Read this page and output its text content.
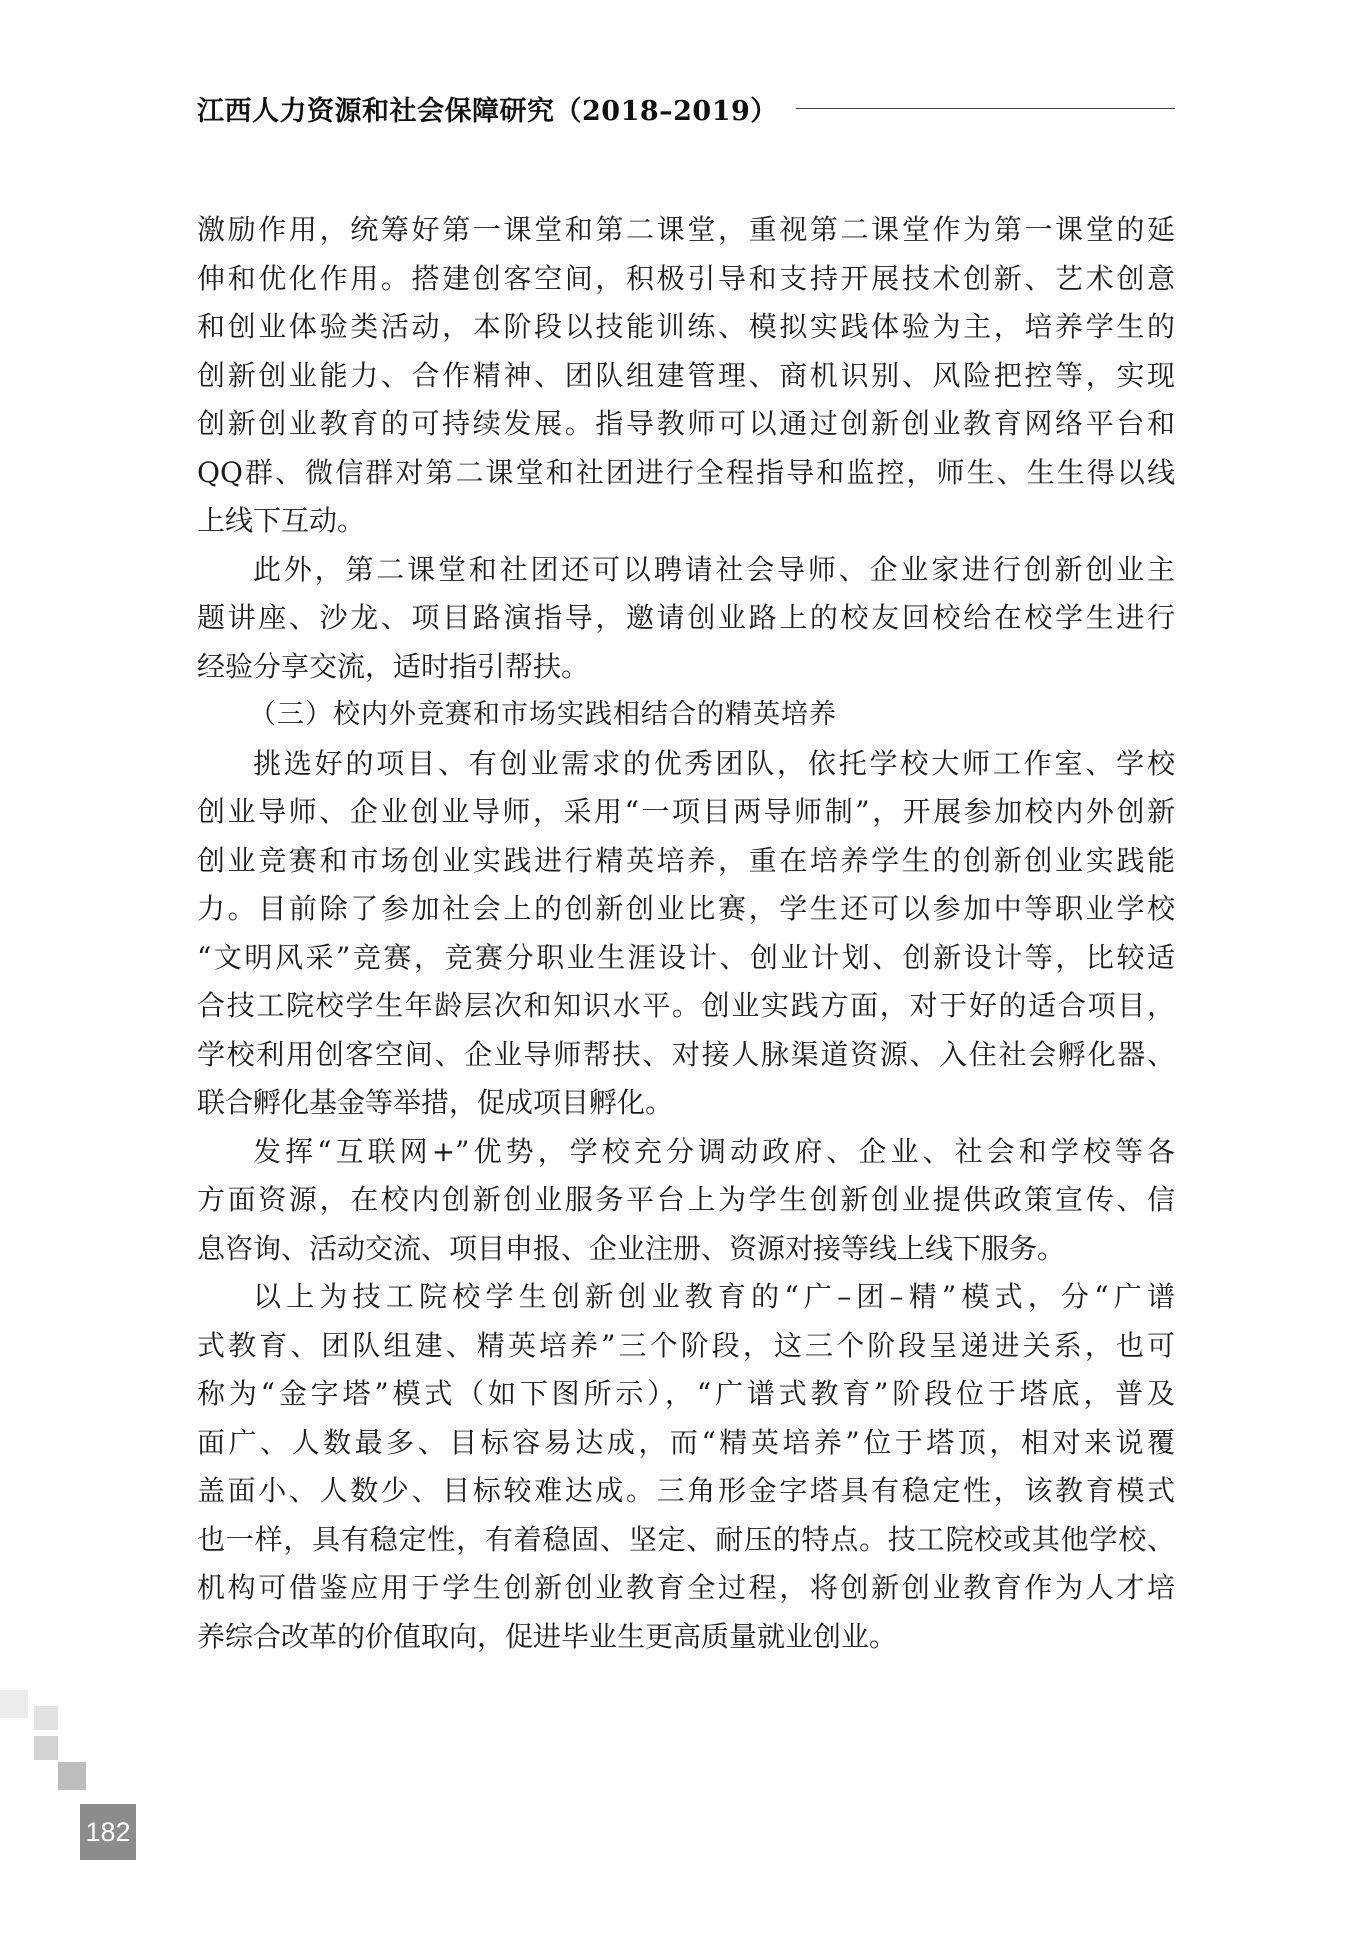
江西人力资源和社会保障研究（2018–2019）
激励作用，统筹好第一课堂和第二课堂，重视第二课堂作为第一课堂的延
伸和优化作用。搭建创客空间，积极引导和支持开展技术创新、艺术创意
和创业体验类活动，本阶段以技能训练、模拟实践体验为主，培养学生的
创新创业能力、合作精神、团队组建管理、商机识别、风险把控等，实现
创新创业教育的可持续发展。指导教师可以通过创新创业教育网络平台和
QQ群、微信群对第二课堂和社团进行全程指导和监控，师生、生生得以线
上线下互动。
此外，第二课堂和社团还可以聘请社会导师、企业家进行创新创业主
题讲座、沙龙、项目路演指导，邀请创业路上的校友回校给在校学生进行
经验分享交流，适时指引帮扶。
（三）校内外竞赛和市场实践相结合的精英培养
挑选好的项目、有创业需求的优秀团队，依托学校大师工作室、学校
创业导师、企业创业导师，采用“一项目两导师制”，开展参加校内外创新
创业竞赛和市场创业实践进行精英培养，重在培养学生的创新创业实践能
力。目前除了参加社会上的创新创业比赛，学生还可以参加中等职业学校
“文明风采”竞赛，竞赛分职业生涯设计、创业计划、创新设计等，比较适
合技工院校学生年龄层次和知识水平。创业实践方面，对于好的适合项目，
学校利用创客空间、企业导师帮扶、对接人脉渠道资源、入住社会孵化器、
联合孵化基金等举措，促成项目孵化。
发挥“互联网+”优势，学校充分调动政府、企业、社会和学校等各
方面资源，在校内创新创业服务平台上为学生创新创业提供政策宣传、信
息咨询、活动交流、项目申报、企业注册、资源对接等线上线下服务。
以上为技工院校学生创新创业教育的“广–团–精”模式，分“广谱
式教育、团队组建、精英培养”三个阶段，这三个阶段呈递进关系，也可
称为“金字塔”模式（如下图所示），“广谱式教育”阶段位于塔底，普及
面广、人数最多、目标容易达成，而“精英培养”位于塔顶，相对来说覆
盖面小、人数少、目标较难达成。三角形金字塔具有稳定性，该教育模式
也一样，具有稳定性，有着稳固、坚定、耐压的特点。技工院校或其他学校、
机构可借鉴应用于学生创新创业教育全过程，将创新创业教育作为人才培
养综合改革的价值取向，促进毕业生更高质量就业创业。
182
